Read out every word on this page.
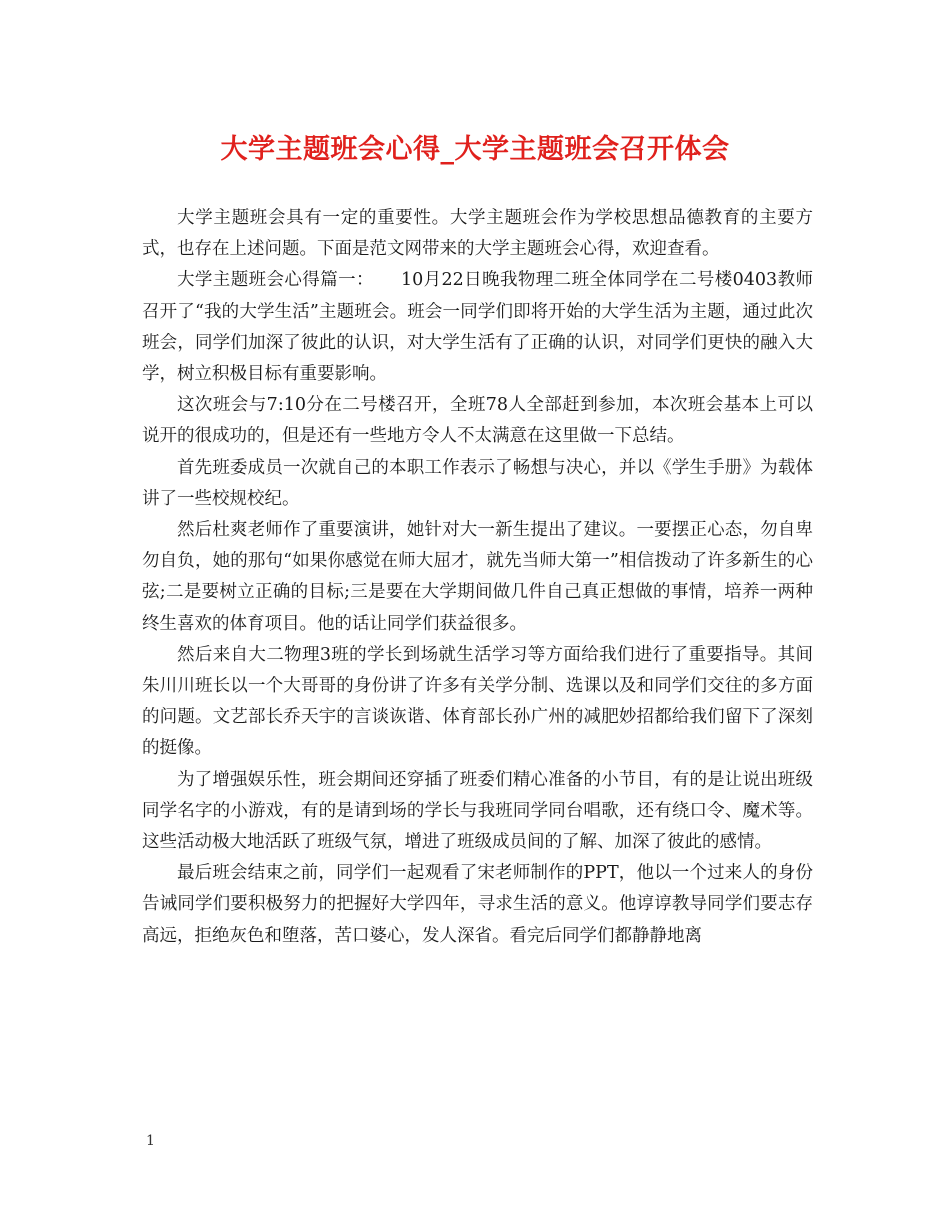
大学主题班会心得_大学主题班会召开体会

大学主题班会具有一定的重要性。大学主题班会作为学校思想品德教育的主要方式，也存在上述问题。下面是范文网带来的大学主题班会心得，欢迎查看。

大学主题班会心得篇一：　　10月22日晚我物理二班全体同学在二号楼0403教师召开了“我的大学生活”主题班会。班会一同学们即将开始的大学生活为主题，通过此次班会，同学们加深了彼此的认识，对大学生活有了正确的认识，对同学们更快的融入大学，树立积极目标有重要影响。

这次班会与7:10分在二号楼召开，全班78人全部赶到参加，本次班会基本上可以说开的很成功的，但是还有一些地方令人不太满意在这里做一下总结。

首先班委成员一次就自己的本职工作表示了畅想与决心，并以《学生手册》为载体讲了一些校规校纪。

然后杜爽老师作了重要演讲，她针对大一新生提出了建议。一要摆正心态，勿自卑勿自负，她的那句“如果你感觉在师大屈才，就先当师大第一”相信拨动了许多新生的心弦;二是要树立正确的目标;三是要在大学期间做几件自己真正想做的事情，培养一两种终生喜欢的体育项目。他的话让同学们获益很多。

然后来自大二物理3班的学长到场就生活学习等方面给我们进行了重要指导。其间朱川川班长以一个大哥哥的身份讲了许多有关学分制、选课以及和同学们交往的多方面的问题。文艺部长乔天宇的言谈诙谐、体育部长孙广州的减肥妙招都给我们留下了深刻的挺像。

为了增强娱乐性，班会期间还穿插了班委们精心准备的小节目，有的是让说出班级同学名字的小游戏，有的是请到场的学长与我班同学同台唱歌，还有绕口令、魔术等。这些活动极大地活跃了班级气氛，增进了班级成员间的了解、加深了彼此的感情。

最后班会结束之前，同学们一起观看了宋老师制作的PPT，他以一个过来人的身份告诫同学们要积极努力的把握好大学四年，寻求生活的意义。他谆谆教导同学们要志存高远，拒绝灰色和堕落，苦口婆心，发人深省。看完后同学们都静静地离

1
